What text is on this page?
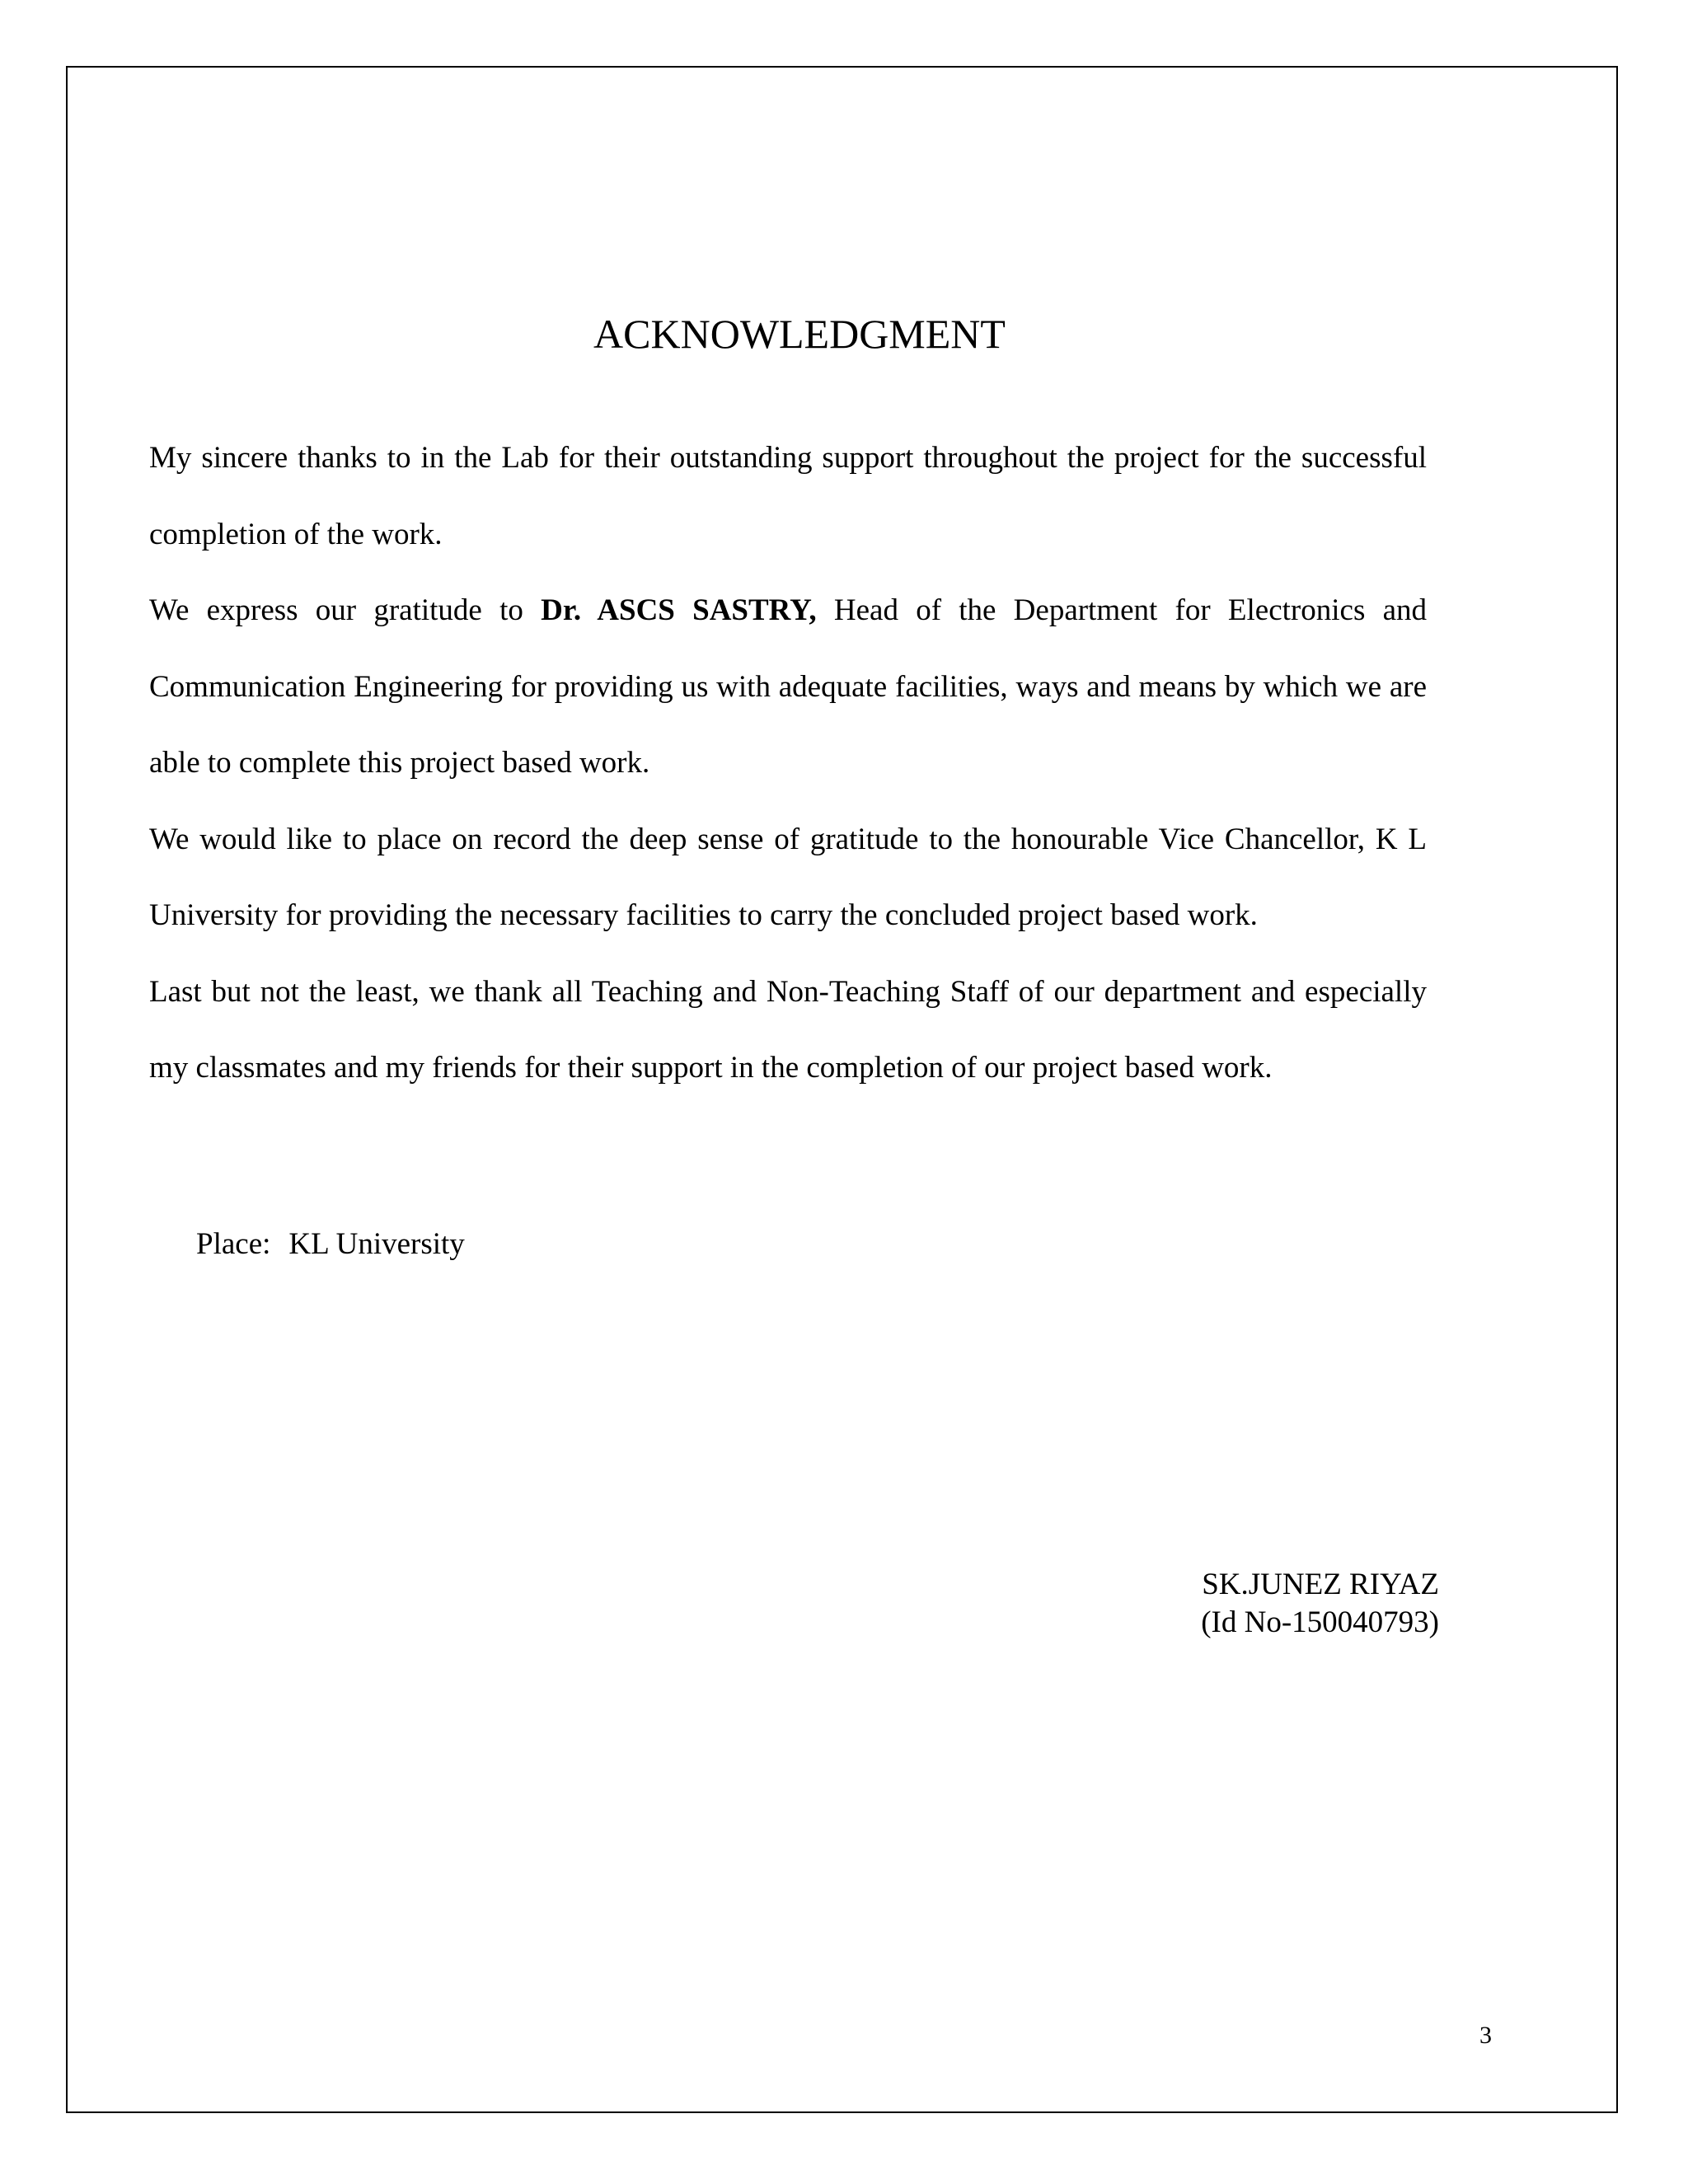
ACKNOWLEDGMENT

My sincere thanks to in the Lab for their outstanding support throughout the project for the successful completion of the work.

We express our gratitude to Dr. ASCS SASTRY, Head of the Department for Electronics and Communication Engineering for providing us with adequate facilities, ways and means by which we are able to complete this project based work.

We would like to place on record the deep sense of gratitude to the honourable Vice Chancellor, K L University for providing the necessary facilities to carry the concluded project based work.

Last but not the least, we thank all Teaching and Non-Teaching Staff of our department and especially my classmates and my friends for their support in the completion of our project based work.

Place: KL University
SK.JUNEZ RIYAZ
(Id No-150040793)
3
